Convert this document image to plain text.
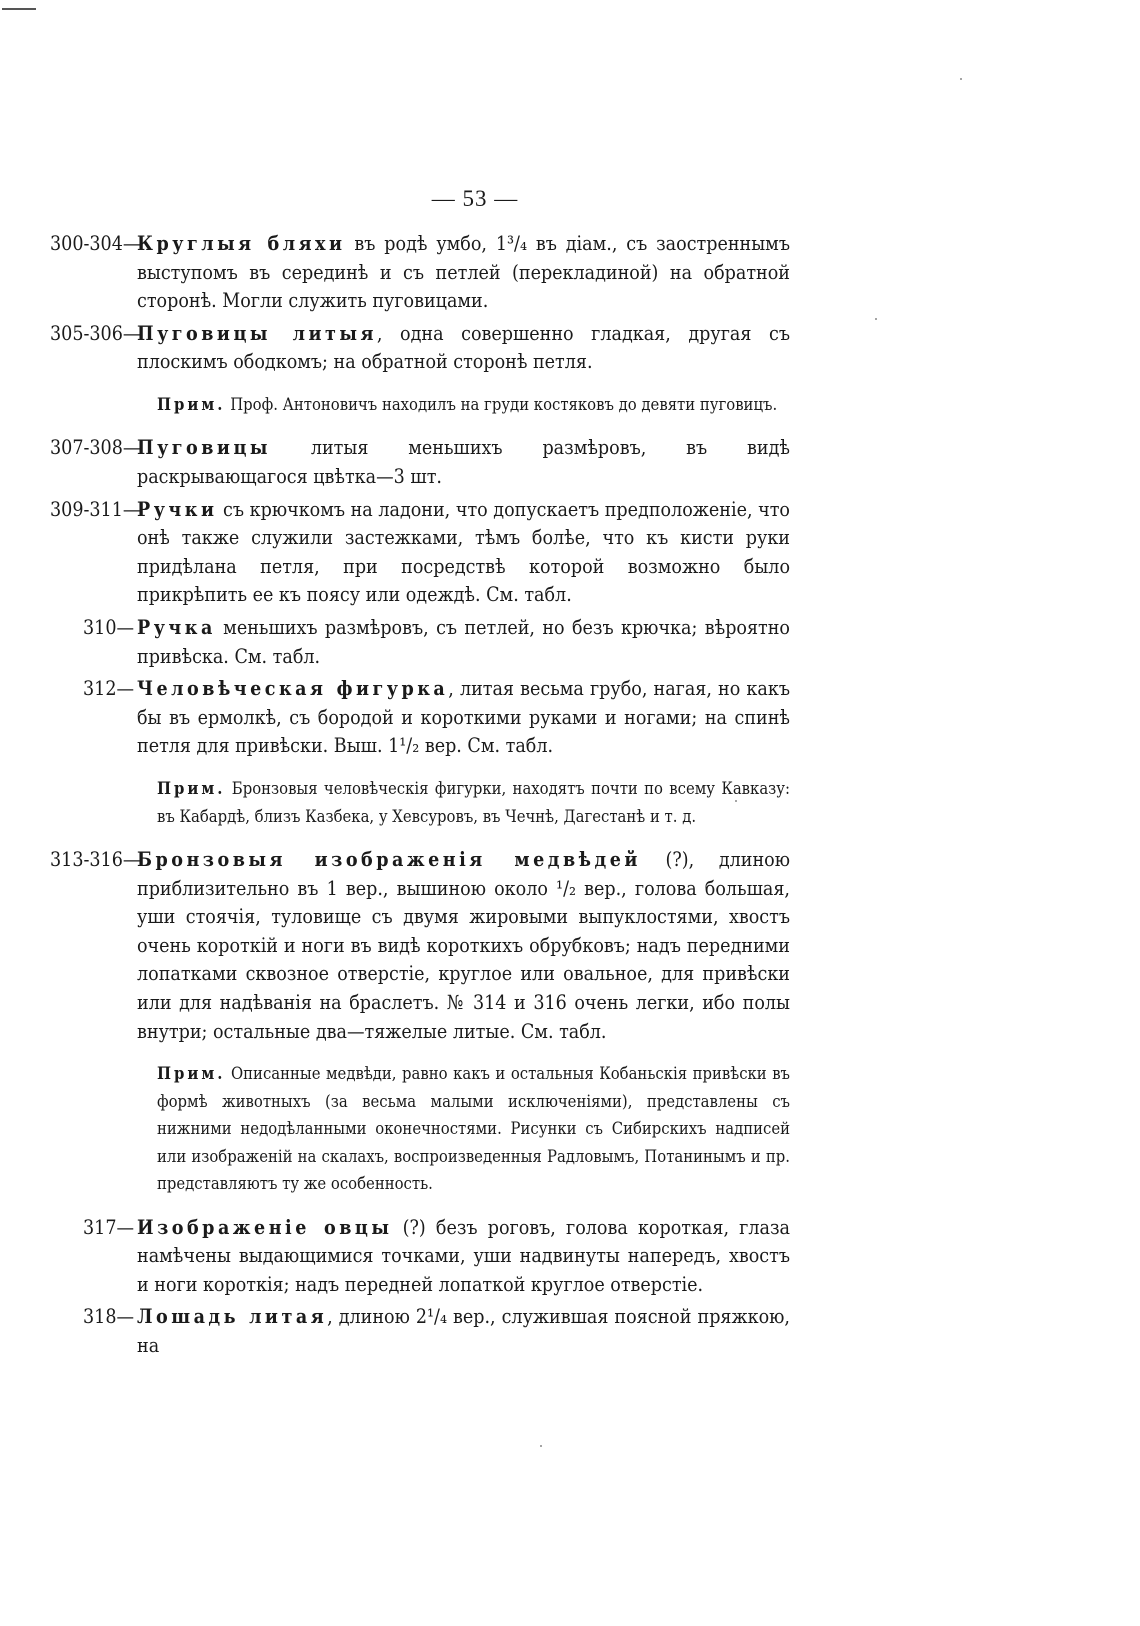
— 53 —
300-304—
Круглыя бляхи въ родѣ умбо, 1³/₄ въ діам., съ заостреннымъ выступомъ въ серединѣ и съ петлей (перекладиной) на обратной сторонѣ. Могли служить пуговицами.
305-306—
Пуговицы литыя, одна совершенно гладкая, другая съ плоскимъ ободкомъ; на обратной сторонѣ петля.
Прим. Проф. Антоновичъ находилъ на груди костяковъ до девяти пуговицъ.
307-308—
Пуговицы литыя меньшихъ размѣровъ, въ видѣ раскрывающагося цвѣтка—3 шт.
309-311—
Ручки съ крючкомъ на ладони, что допускаетъ предположеніе, что онѣ также служили застежками, тѣмъ болѣе, что къ кисти руки придѣлана петля, при посредствѣ которой возможно было прикрѣпить ее къ поясу или одеждѣ. См. табл.
310— Ручка меньшихъ размѣровъ, съ петлей, но безъ крючка; вѣроятно привѣска. См. табл.
312— Человѣческая фигурка, литая весьма грубо, нагая, но какъ бы въ ермолкѣ, съ бородой и короткими руками и ногами; на спинѣ петля для привѣски. Выш. 1¹/₂ вер. См. табл.
Прим. Бронзовыя человѣческія фигурки, находятъ почти по всему Кавказу: въ Кабардѣ, близъ Казбека, у Хевсуровъ, въ Чечнѣ, Дагестанѣ и т. д.
313-316—
Бронзовыя изображенія медвѣдей (?), длиною приблизительно въ 1 вер., вышиною около ¹/₂ вер., голова большая, уши стоячія, туловище съ двумя жировыми выпуклостями, хвостъ очень короткій и ноги въ видѣ короткихъ обрубковъ; надъ передними лопатками сквозное отверстіе, круглое или овальное, для привѣски или для надѣванія на браслетъ. № 314 и 316 очень легки, ибо полы внутри; остальные два—тяжелые литые. См. табл.
Прим. Описанные медвѣди, равно какъ и остальныя Кобаньскія привѣски въ формѣ животныхъ (за весьма малыми исключеніями), представлены съ нижними недодѣланными оконечностями. Рисунки съ Сибирскихъ надписей или изображеній на скалахъ, воспроизведенныя Радловымъ, Потанинымъ и пр. представляютъ ту же особенность.
317— Изображеніе овцы (?) безъ роговъ, голова короткая, глаза намѣчены выдающимися точками, уши надвинуты напередъ, хвостъ и ноги короткія; надъ передней лопаткой круглое отверстіе.
318— Лошадь литая, длиною 2¹/₄ вер., служившая поясной пряжкою, на
